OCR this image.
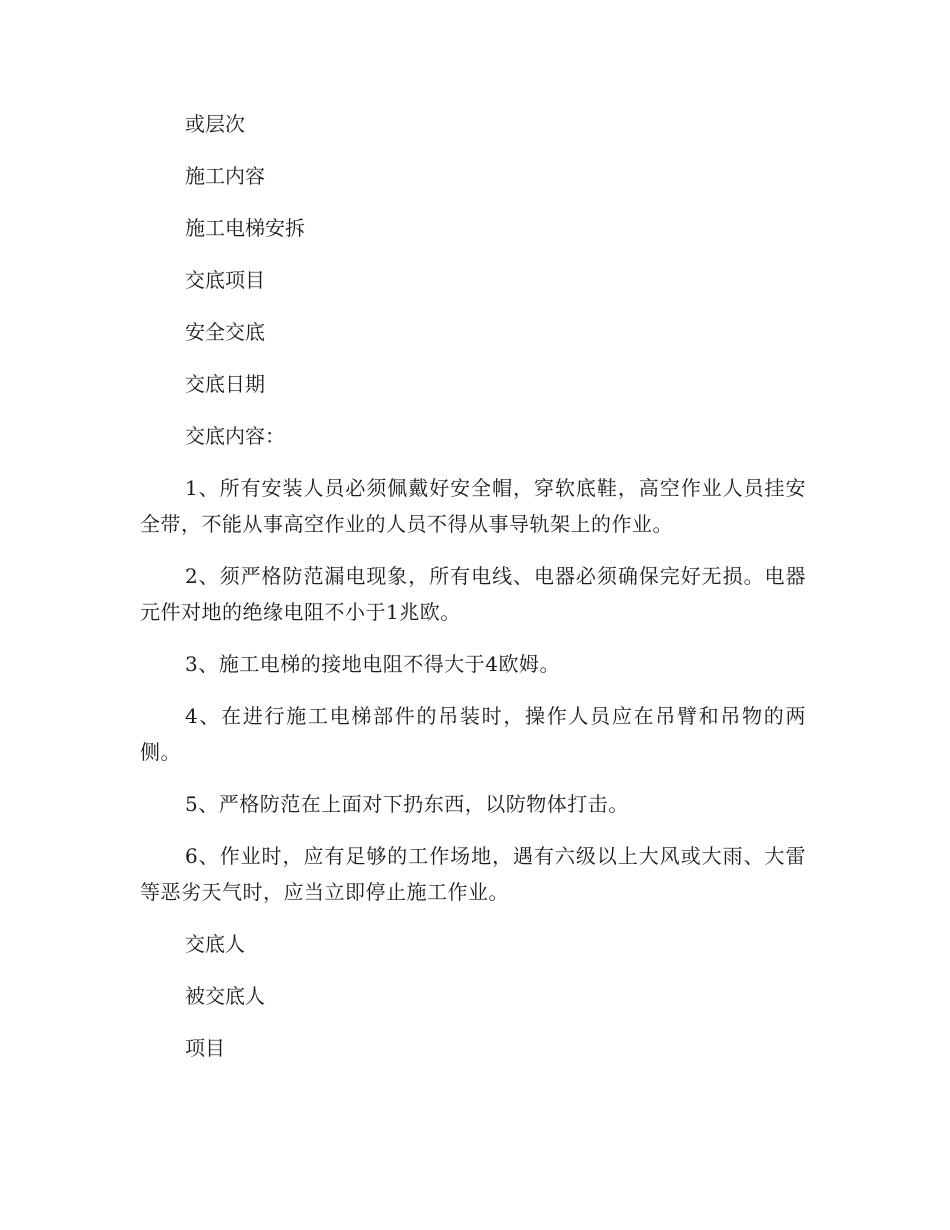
或层次

施工内容

施工电梯安拆

交底项目

安全交底

交底日期

交底内容：

1、所有安装人员必须佩戴好安全帽，穿软底鞋，高空作业人员挂安全带，不能从事高空作业的人员不得从事导轨架上的作业。

2、须严格防范漏电现象，所有电线、电器必须确保完好无损。电器元件对地的绝缘电阻不小于1兆欧。

3、施工电梯的接地电阻不得大于4欧姆。

4、在进行施工电梯部件的吊装时，操作人员应在吊臂和吊物的两侧。

5、严格防范在上面对下扔东西，以防物体打击。

6、作业时，应有足够的工作场地，遇有六级以上大风或大雨、大雷等恶劣天气时，应当立即停止施工作业。

交底人

被交底人

项目
